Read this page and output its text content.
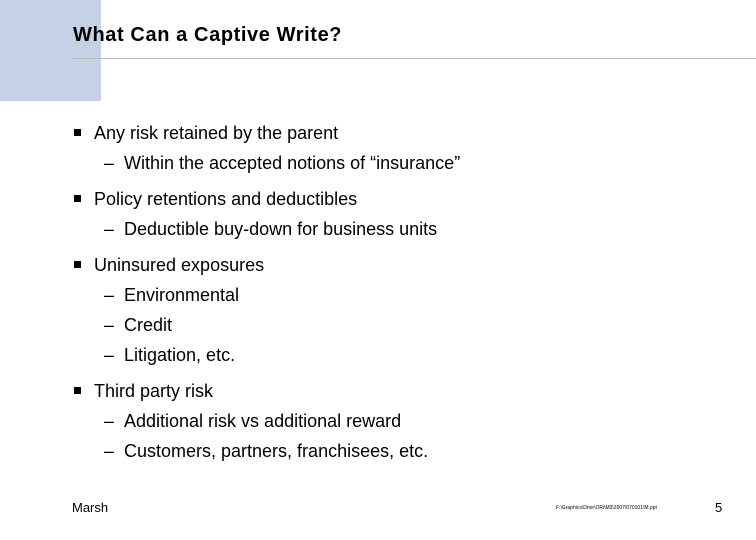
What Can a Captive Write?
Any risk retained by the parent
– Within the accepted notions of “insurance”
Policy retentions and deductibles
– Deductible buy-down for business units
Uninsured exposures
– Environmental
– Credit
– Litigation, etc.
Third party risk
– Additional risk vs additional reward
– Customers, partners, franchisees, etc.
Marsh	F:\Graphics\Dnor\ORi\M3\2007\070101\M.ppt	5
